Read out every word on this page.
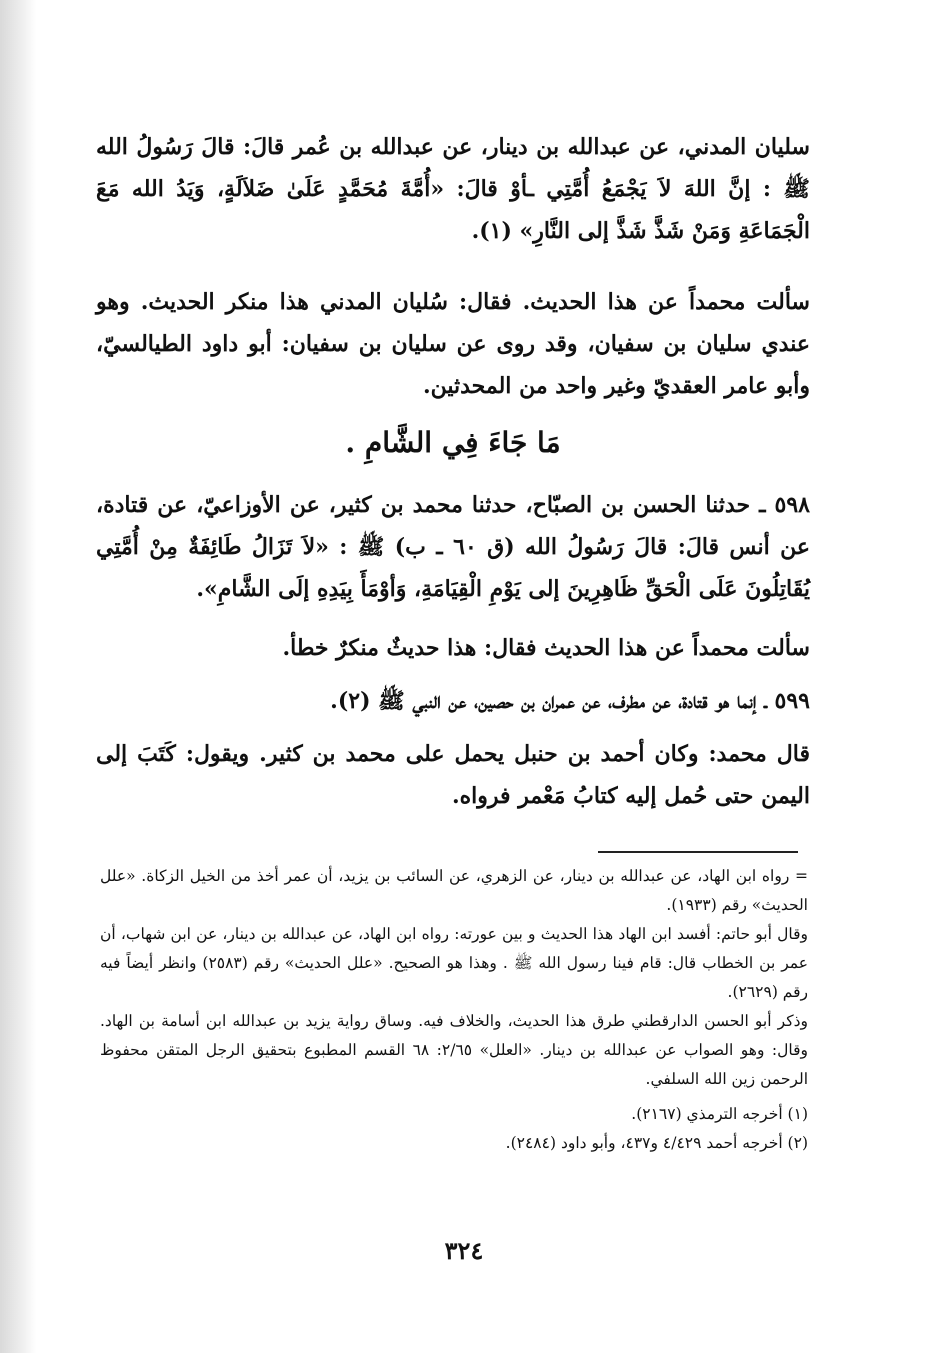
سليان المدني، عن عبدالله بن دينار، عن عبدالله بن عُمر قالَ: قالَ رَسُولُ الله ﷺ : إنَّ اللهَ لاَ يَجْمَعُ أُمَّتِي ـأوْ قالَ: «أُمَّةَ مُحَمَّدٍ عَلَىٰ ضَلاَلَةٍ، وَيَدُ الله مَعَ الْجَمَاعَةِ وَمَنْ شَذَّ شَذَّ إلى النَّارِ» (١).

سألت محمداً عن هذا الحديث. فقال: سُليان المدني هذا منكر الحديث. وهو عندي سليان بن سفيان، وقد روى عن سليان بن سفيان: أبو داود الطيالسيّ، وأبو عامر العقديّ وغير واحد من المحدثين.

مَا جَاءَ فِي الشَّامِ .

٥٩٨ ـ حدثنا الحسن بن الصبّاح، حدثنا محمد بن كثير، عن الأوزاعيّ، عن قتادة، عن أنس قالَ: قالَ رَسُولُ الله (ق ٦٠ ـ ب) ﷺ : «لاَ تَزَالُ طَائِفَةٌ مِنْ أُمَّتِي يُقَاتِلُونَ عَلَى الْحَقِّ ظَاهِرِينَ إلى يَوْمِ الْقِيَامَةِ، وَأوْمَأَ بِيَدِهِ إلَى الشَّامِ».

سألت محمداً عن هذا الحديث فقال: هذا حديثٌ منكرٌ خطأ.

٥٩٩ ـ إنما هو قتادة، عن مطرف، عن عمران بن حصين، عن النبي ﷺ (٢).

قال محمد: وكان أحمد بن حنبل يحمل على محمد بن كثير. ويقول: كَتَبَ إلى اليمن حتى حُمل إليه كتابُ مَعْمر فرواه.

= رواه ابن الهاد، عن عبدالله بن دينار، عن الزهري، عن السائب بن يزيد، أن عمر أخذ من الخيل الزكاة. «علل الحديث» رقم (١٩٣٣).

وقال أبو حاتم: أفسد ابن الهاد هذا الحديث و بين عورته: رواه ابن الهاد، عن عبدالله بن دينار، عن ابن شهاب، أن عمر بن الخطاب قال: قام فينا رسول الله ﷺ . وهذا هو الصحيح. «علل الحديث» رقم (٢٥٨٣) وانظر أيضاً فيه رقم (٢٦٢٩).

وذكر أبو الحسن الدارقطني طرق هذا الحديث، والخلاف فيه. وساق رواية يزيد بن عبدالله ابن أسامة بن الهاد. وقال: وهو الصواب عن عبدالله بن دينار. «العلل» ٢/٦٥: ٦٨ القسم المطبوع بتحقيق الرجل المتقن محفوظ الرحمن زين الله السلفي.

(١) أخرجه الترمذي (٢١٦٧).

(٢) أخرجه أحمد ٤/٤٢٩ و٤٣٧، وأبو داود (٢٤٨٤).

٣٢٤
